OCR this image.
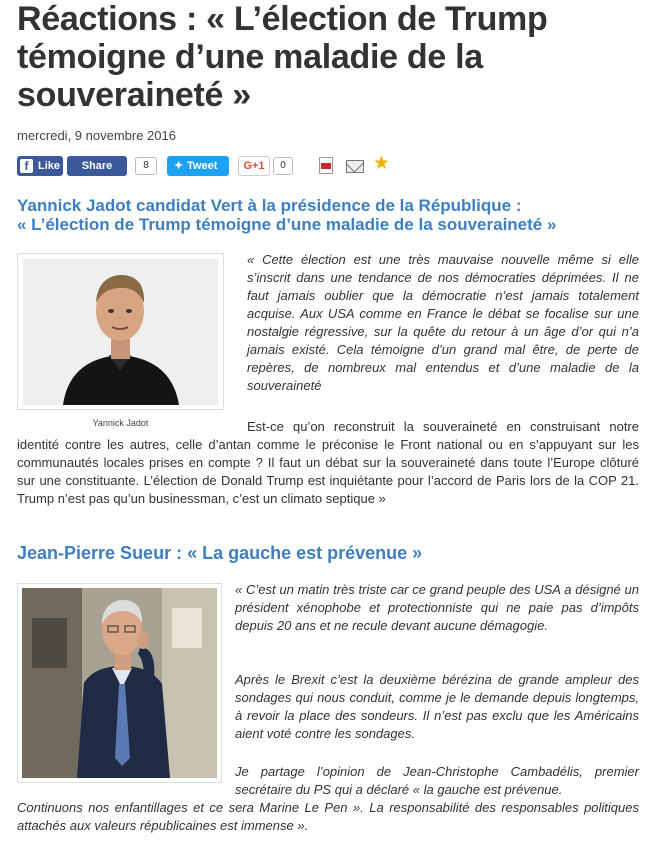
Réactions : « L’élection de Trump témoigne d’une maladie de la souveraineté »
mercredi, 9 novembre 2016
f Like	Share	8	✦ Tweet	G+1	0	★
Yannick Jadot candidat Vert à la présidence de la République :
« L’élection de Trump témoigne d’une maladie de la souveraineté »
Yannick Jadot

« Cette élection est une très mauvaise nouvelle même si elle s’inscrit dans une tendance de nos démocraties déprimées. Il ne faut jamais oublier que la démocratie n’est jamais totalement acquise. Aux USA comme en France le débat se focalise sur une nostalgie régressive, sur la quête du retour à un âge d’or qui n’a jamais existé. Cela témoigne d’un grand mal être, de perte de repères, de nombreux mal entendus et d’une maladie de la souveraineté

Est-ce qu’on reconstruit la souveraineté en construisant notre identité contre les autres, celle d’antan comme le préconise le Front national ou en s’appuyant sur les communautés locales prises en compte ? Il faut un débat sur la souveraineté dans toute l’Europe clôturé sur une constituante. L’élection de Donald Trump est inquiétante pour l’accord de Paris lors de la COP 21. Trump n’est pas qu’un businessman, c’est un climato septique »

Jean-Pierre Sueur : « La gauche est prévenue »

« C’est un matin très triste car ce grand peuple des USA a désigné un président xénophobe et protectionniste qui ne paie pas d’impôts depuis 20 ans et ne recule devant aucune démagogie.

Après le Brexit c’est la deuxième bérézina de grande ampleur des sondages qui nous conduit, comme je le demande depuis longtemps, à revoir la place des sondeurs. Il n’est pas exclu que les Américains aient voté contre les sondages.

Je partage l’opinion de Jean-Christophe Cambadélis, premier secrétaire du PS qui a déclaré « la gauche est prévenue.

Continuons nos enfantillages et ce sera Marine Le Pen ». La responsabilité des responsables politiques attachés aux valeurs républicaines est immense ».
